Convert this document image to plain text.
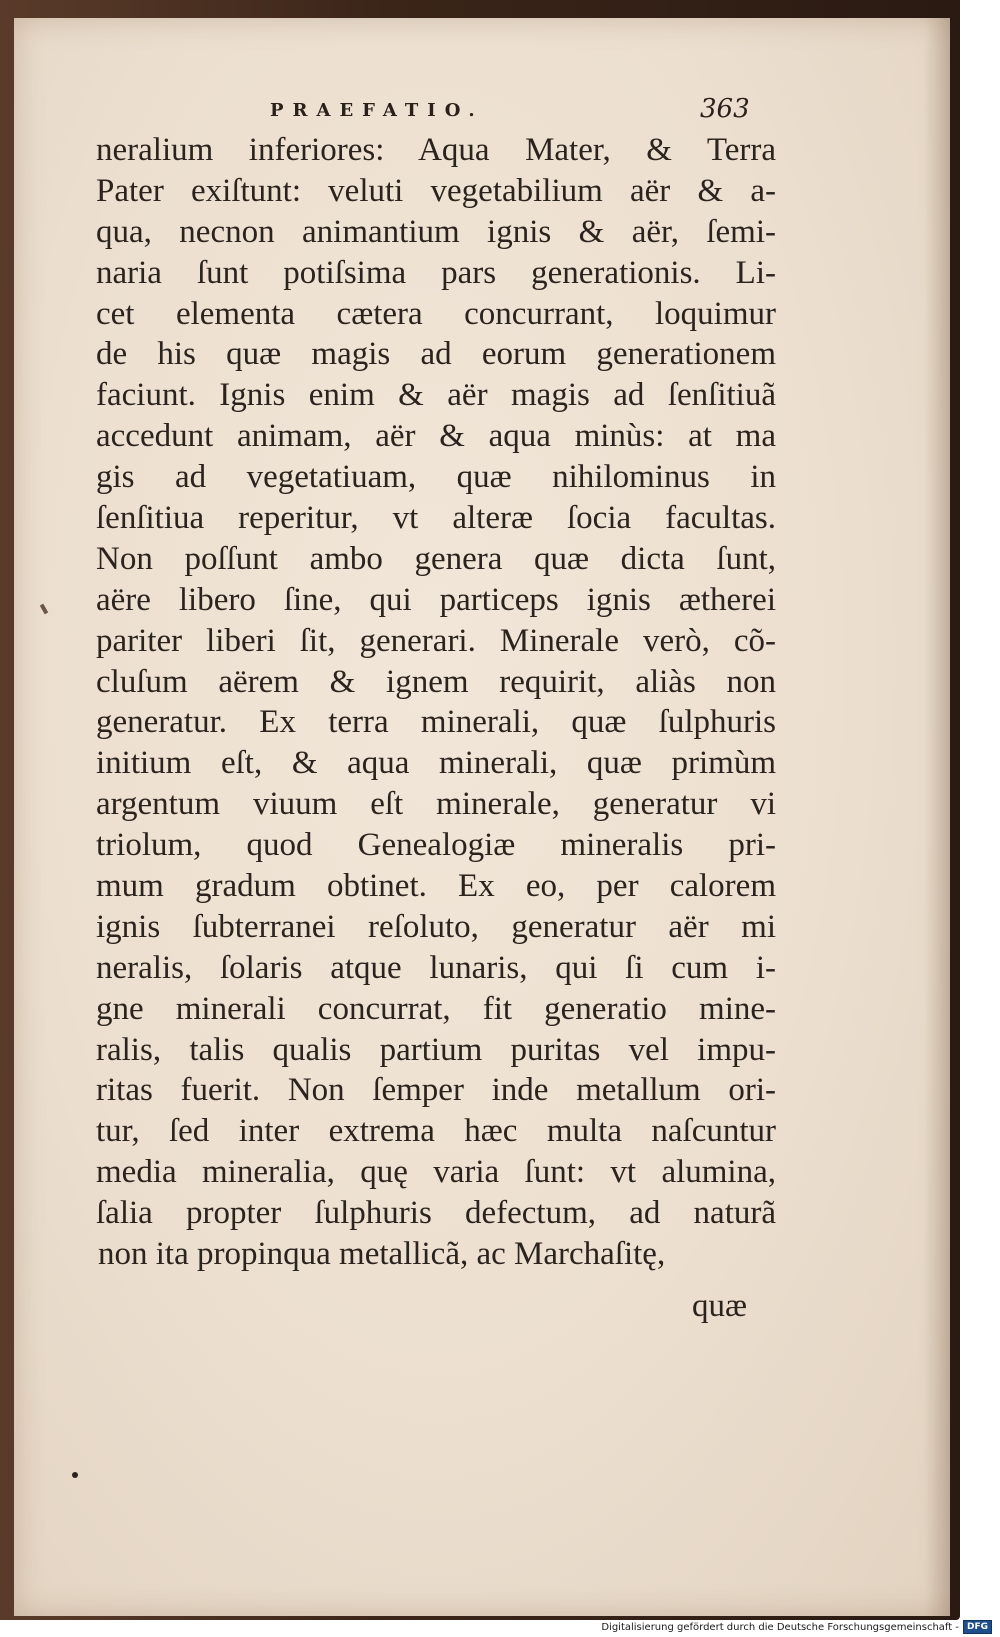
PRAEFATIO.	363
neralium inferiores: Aqua Mater, & Terra
Pater exiſtunt: veluti vegetabilium aër & a-
qua, necnon animantium ignis & aër, ſemi-
naria ſunt potiſsima pars generationis. Li-
cet elementa cætera concurrant, loquimur
de his quæ magis ad eorum generationem
faciunt. Ignis enim & aër magis ad ſenſitiuã
accedunt animam, aër & aqua minùs: at ma
gis ad vegetatiuam, quæ nihilominus in
ſenſitiua reperitur, vt alteræ ſocia facultas.
Non poſſunt ambo genera quæ dicta ſunt,
aëre libero ſine, qui particeps ignis ætherei
pariter liberi ſit, generari. Minerale verò, cõ-
cluſum aërem & ignem requirit, aliàs non
generatur. Ex terra minerali, quæ ſulphuris
initium eſt, & aqua minerali, quæ primùm
argentum viuum eſt minerale, generatur vi
triolum, quod Genealogiæ mineralis pri-
mum gradum obtinet. Ex eo, per calorem
ignis ſubterranei reſoluto, generatur aër mi
neralis, ſolaris atque lunaris, qui ſi cum i-
gne minerali concurrat, fit generatio mine-
ralis, talis qualis partium puritas vel impu-
ritas fuerit. Non ſemper inde metallum ori-
tur, ſed inter extrema hæc multa naſcuntur
media mineralia, quę varia ſunt: vt alumina,
ſalia propter ſulphuris defectum, ad naturã
non ita propinqua metallicã, ac Marchaſitę,
quæ
Digitalisierung gefördert durch die Deutsche Forschungsgemeinschaft - DFG
